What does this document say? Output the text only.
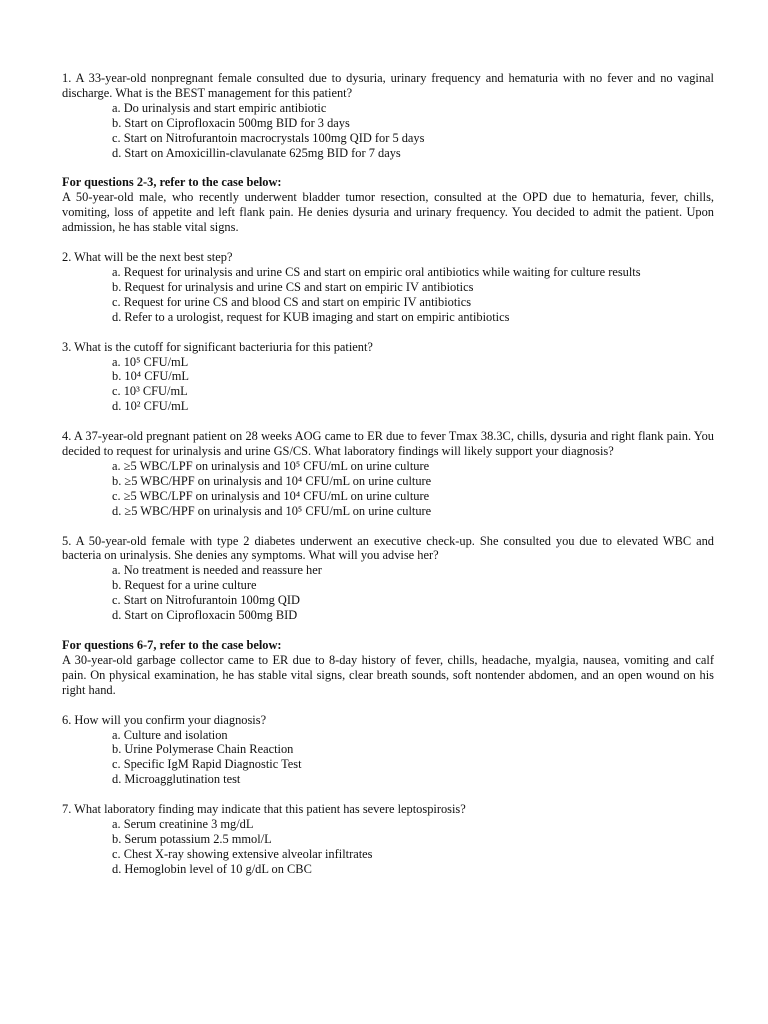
1. A 33-year-old nonpregnant female consulted due to dysuria, urinary frequency and hematuria with no fever and no vaginal discharge. What is the BEST management for this patient?
a. Do urinalysis and start empiric antibiotic
b. Start on Ciprofloxacin 500mg BID for 3 days
c. Start on Nitrofurantoin macrocrystals 100mg QID for 5 days
d. Start on Amoxicillin-clavulanate 625mg BID for 7 days
For questions 2-3, refer to the case below:
A 50-year-old male, who recently underwent bladder tumor resection, consulted at the OPD due to hematuria, fever, chills, vomiting, loss of appetite and left flank pain. He denies dysuria and urinary frequency. You decided to admit the patient. Upon admission, he has stable vital signs.
2. What will be the next best step?
a. Request for urinalysis and urine CS and start on empiric oral antibiotics while waiting for culture results
b. Request for urinalysis and urine CS and start on empiric IV antibiotics
c. Request for urine CS and blood CS and start on empiric IV antibiotics
d. Refer to a urologist, request for KUB imaging and start on empiric antibiotics
3. What is the cutoff for significant bacteriuria for this patient?
a. 10⁵ CFU/mL
b. 10⁴ CFU/mL
c. 10³ CFU/mL
d. 10² CFU/mL
4. A 37-year-old pregnant patient on 28 weeks AOG came to ER due to fever Tmax 38.3C, chills, dysuria and right flank pain. You decided to request for urinalysis and urine GS/CS. What laboratory findings will likely support your diagnosis?
a. ≥5 WBC/LPF on urinalysis and 10⁵ CFU/mL on urine culture
b. ≥5 WBC/HPF on urinalysis and 10⁴ CFU/mL on urine culture
c. ≥5 WBC/LPF on urinalysis and 10⁴ CFU/mL on urine culture
d. ≥5 WBC/HPF on urinalysis and 10⁵ CFU/mL on urine culture
5. A 50-year-old female with type 2 diabetes underwent an executive check-up. She consulted you due to elevated WBC and bacteria on urinalysis. She denies any symptoms. What will you advise her?
a. No treatment is needed and reassure her
b. Request for a urine culture
c. Start on Nitrofurantoin 100mg QID
d. Start on Ciprofloxacin 500mg BID
For questions 6-7, refer to the case below:
A 30-year-old garbage collector came to ER due to 8-day history of fever, chills, headache, myalgia, nausea, vomiting and calf pain. On physical examination, he has stable vital signs, clear breath sounds, soft nontender abdomen, and an open wound on his right hand.
6. How will you confirm your diagnosis?
a. Culture and isolation
b. Urine Polymerase Chain Reaction
c. Specific IgM Rapid Diagnostic Test
d. Microagglutination test
7. What laboratory finding may indicate that this patient has severe leptospirosis?
a. Serum creatinine 3 mg/dL
b. Serum potassium 2.5 mmol/L
c. Chest X-ray showing extensive alveolar infiltrates
d. Hemoglobin level of 10 g/dL on CBC
